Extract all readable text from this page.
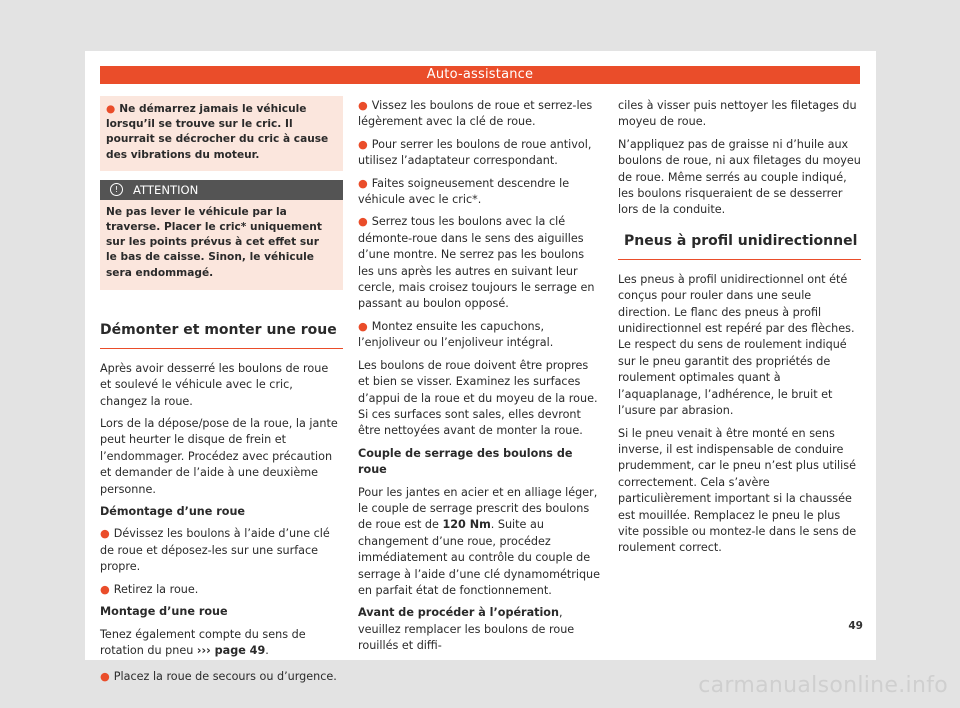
Auto-assistance
● Ne démarrez jamais le véhicule lorsqu’il se trouve sur le cric. Il pourrait se décrocher du cric à cause des vibrations du moteur.
! ATTENTION
Ne pas lever le véhicule par la traverse. Placer le cric* uniquement sur les points prévus à cet effet sur le bas de caisse. Sinon, le véhicule sera endommagé.
Démonter et monter une roue

Après avoir desserré les boulons de roue et soulevé le véhicule avec le cric, changez la roue.

Lors de la dépose/pose de la roue, la jante peut heurter le disque de frein et l’endommager. Procédez avec précaution et demander de l’aide à une deuxième personne.

Démontage d’une roue

● Dévissez les boulons à l’aide d’une clé de roue et déposez-les sur une surface propre.

● Retirez la roue.

Montage d’une roue

Tenez également compte du sens de rotation du pneu ››› page 49.

● Placez la roue de secours ou d’urgence.

● Vissez les boulons de roue et serrez-les légèrement avec la clé de roue.

● Pour serrer les boulons de roue antivol, utilisez l’adaptateur correspondant.

● Faites soigneusement descendre le véhicule avec le cric*.

● Serrez tous les boulons avec la clé démonte-roue dans le sens des aiguilles d’une montre. Ne serrez pas les boulons les uns après les autres en suivant leur cercle, mais croisez toujours le serrage en passant au boulon opposé.

● Montez ensuite les capuchons, l’enjoliveur ou l’enjoliveur intégral.

Les boulons de roue doivent être propres et bien se visser. Examinez les surfaces d’appui de la roue et du moyeu de la roue. Si ces surfaces sont sales, elles devront être nettoyées avant de monter la roue.

Couple de serrage des boulons de roue

Pour les jantes en acier et en alliage léger, le couple de serrage prescrit des boulons de roue est de 120 Nm. Suite au changement d’une roue, procédez immédiatement au contrôle du couple de serrage à l’aide d’une clé dynamométrique en parfait état de fonctionnement.

Avant de procéder à l’opération, veuillez remplacer les boulons de roue rouillés et diffi-

ciles à visser puis nettoyer les filetages du moyeu de roue.

N’appliquez pas de graisse ni d’huile aux boulons de roue, ni aux filetages du moyeu de roue. Même serrés au couple indiqué, les boulons risqueraient de se desserrer lors de la conduite.

Pneus à profil unidirectionnel

Les pneus à profil unidirectionnel ont été conçus pour rouler dans une seule direction. Le flanc des pneus à profil unidirectionnel est repéré par des flèches. Le respect du sens de roulement indiqué sur le pneu garantit des propriétés de roulement optimales quant à l’aquaplanage, l’adhérence, le bruit et l’usure par abrasion.

Si le pneu venait à être monté en sens inverse, il est indispensable de conduire prudemment, car le pneu n’est plus utilisé correctement. Cela s’avère particulièrement important si la chaussée est mouillée. Remplacez le pneu le plus vite possible ou montez-le dans le sens de roulement correct.

49
carmanualsonline.info
